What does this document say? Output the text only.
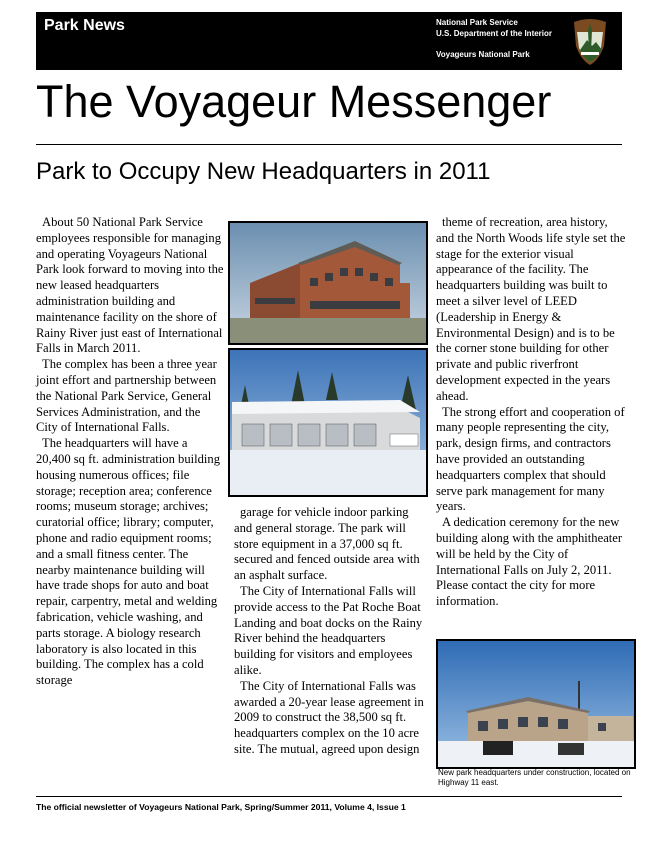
Park News	National Park Service
U.S. Department of the Interior
Voyageurs National Park
The Voyageur Messenger
Park to Occupy New Headquarters in 2011

About 50 National Park Service employees responsible for managing and operating Voyageurs National Park look forward to moving into the new leased headquarters administration building and maintenance facility on the shore of Rainy River just east of International Falls in March 2011.

The complex has been a three year joint effort and partnership between the National Park Service, General Services Administration, and the City of International Falls.

The headquarters will have a 20,400 sq ft. administration building housing numerous offices; file storage; reception area; conference rooms; museum storage; archives; curatorial office; library; computer, phone and radio equipment rooms; and a small fitness center. The nearby maintenance building will have trade shops for auto and boat repair, carpentry, metal and welding fabrication, vehicle washing, and parts storage. A biology research laboratory is also located in this building. The complex has a cold storage

garage for vehicle indoor parking and general storage. The park will store equipment in a 37,000 sq ft. secured and fenced outside area with an asphalt surface.

The City of International Falls will provide access to the Pat Roche Boat Landing and boat docks on the Rainy River behind the headquarters building for visitors and employees alike.

The City of International Falls was awarded a 20-year lease agreement in 2009 to construct the 38,500 sq ft. headquarters complex on the 10 acre site. The mutual, agreed upon design

theme of recreation, area history, and the North Woods life style set the stage for the exterior visual appearance of the facility. The headquarters building was built to meet a silver level of LEED (Leadership in Energy & Environmental Design) and is to be the corner stone building for other private and public riverfront development expected in the years ahead.

The strong effort and cooperation of many people representing the city, park, design firms, and contractors have provided an outstanding headquarters complex that should serve park management for many years.

A dedication ceremony for the new building along with the amphitheater will be held by the City of International Falls on July 2, 2011. Please contact the city for more information.

New park headquarters under construction, located on Highway 11 east.
The official newsletter of Voyageurs National Park, Spring/Summer 2011, Volume 4, Issue 1
